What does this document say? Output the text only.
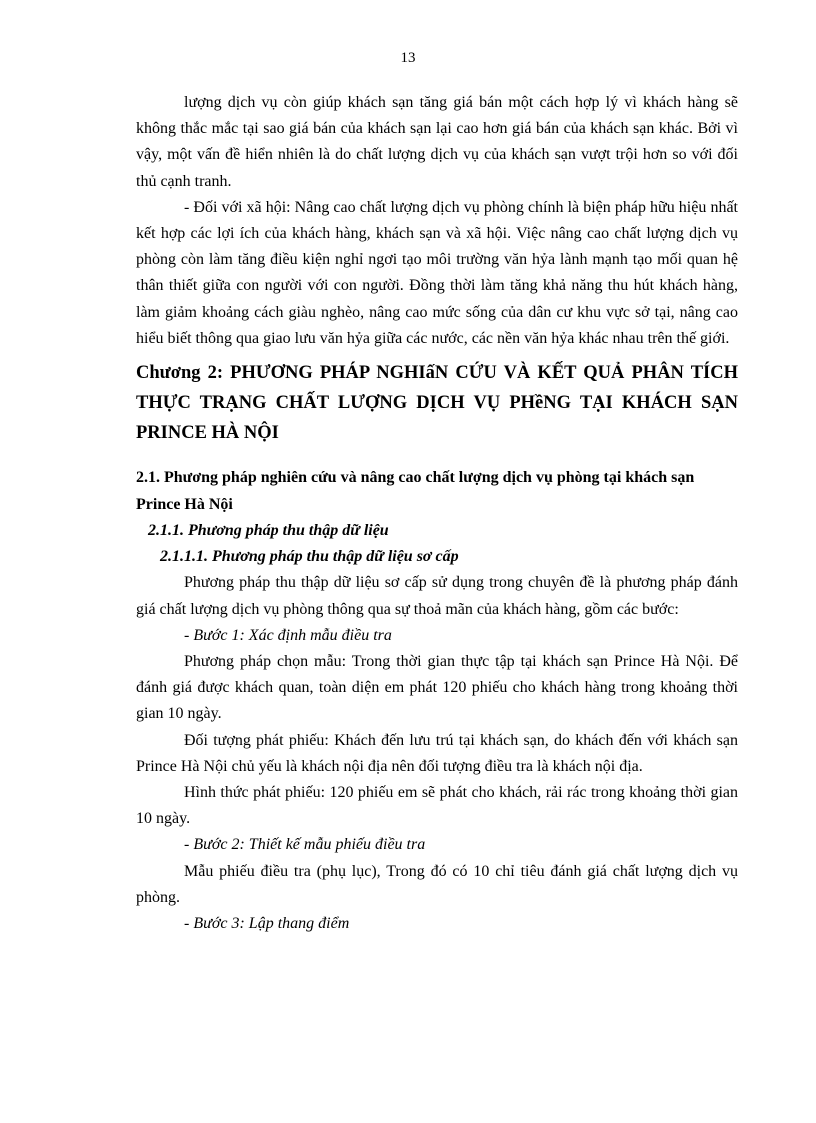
13

lượng dịch vụ còn giúp khách sạn tăng giá bán một cách hợp lý vì khách hàng sẽ không thắc mắc tại sao giá bán của khách sạn lại cao hơn giá bán của khách sạn khác. Bởi vì vậy, một vấn đề hiển nhiên là do chất lượng dịch vụ của khách sạn vượt trội hơn so với đối thủ cạnh tranh.

- Đối với xã hội: Nâng cao chất lượng dịch vụ phòng chính là biện pháp hữu hiệu nhất kết hợp các lợi ích của khách hàng, khách sạn và xã hội. Việc nâng cao chất lượng dịch vụ phòng còn làm tăng điều kiện nghỉ ngơi tạo môi trường văn hỷa lành mạnh tạo mối quan hệ thân thiết giữa con người với con người. Đồng thời làm tăng khả năng thu hút khách hàng, làm giảm khoảng cách giàu nghèo, nâng cao mức sống của dân cư khu vực sở tại, nâng cao hiểu biết thông qua giao lưu văn hỷa giữa các nước, các nền văn hỷa khác nhau trên thế giới.

Chương 2: PHƯƠNG PHÁP NGHIấN CỨU VÀ KẾT QUẢ PHÂN TÍCH THỰC TRẠNG CHẤT LƯỢNG DỊCH VỤ PHềNG TẠI KHÁCH SẠN PRINCE HÀ NỘI

2.1. Phương pháp nghiên cứu và nâng cao chất lượng dịch vụ phòng tại khách sạn Prince Hà Nội

2.1.1. Phương pháp thu thập dữ liệu

2.1.1.1. Phương pháp thu thập dữ liệu sơ cấp

Phương pháp thu thập dữ liệu sơ cấp sử dụng trong chuyên đề là phương pháp đánh giá chất lượng dịch vụ phòng thông qua sự thoả mãn của khách hàng, gồm các bước:

- Bước 1: Xác định mẫu điều tra

Phương pháp chọn mẫu: Trong thời gian thực tập tại khách sạn Prince Hà Nội. Để đánh giá được khách quan, toàn diện em phát 120 phiếu cho khách hàng trong khoảng thời gian 10 ngày.

Đối tượng phát phiếu: Khách đến lưu trú tại khách sạn, do khách đến với khách sạn Prince Hà Nội chủ yếu là khách nội địa nên đối tượng điều tra là khách nội địa.

Hình thức phát phiếu: 120 phiếu em sẽ phát cho khách, rải rác trong khoảng thời gian 10 ngày.

- Bước 2: Thiết kế mẫu phiếu điều tra

Mẫu phiếu điều tra (phụ lục), Trong đó có 10 chỉ tiêu đánh giá chất lượng dịch vụ phòng.

- Bước 3: Lập thang điểm
